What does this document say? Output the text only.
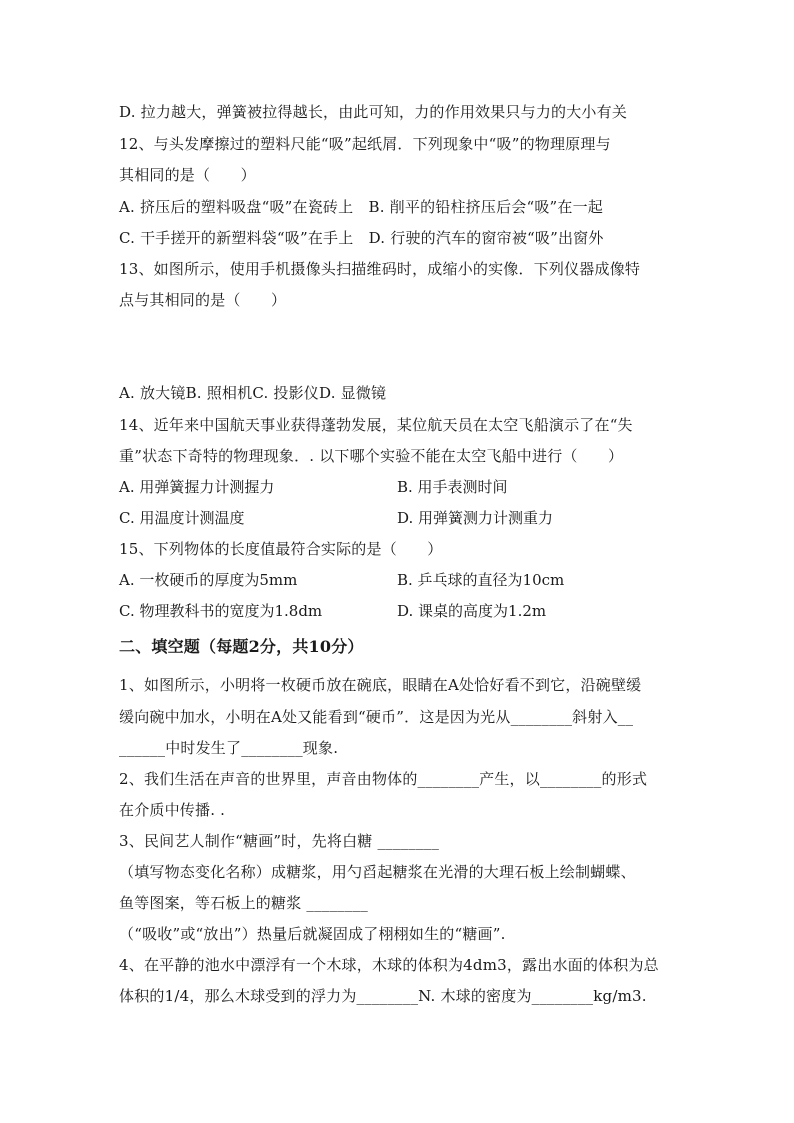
D. 拉力越大，弹簧被拉得越长，由此可知，力的作用效果只与力的大小有关
12、与头发摩擦过的塑料尺能“吸”起纸屑．下列现象中“吸”的物理原理与
其相同的是（　　）
A. 挤压后的塑料吸盘“吸”在瓷砖上　B. 削平的铅柱挤压后会“吸”在一起
C. 干手搓开的新塑料袋“吸”在手上　D. 行驶的汽车的窗帘被“吸”出窗外
13、如图所示，使用手机摄像头扫描维码时，成缩小的实像．下列仪器成像特
点与其相同的是（　　）
A. 放大镜B. 照相机C. 投影仪D. 显微镜
14、近年来中国航天事业获得蓬勃发展，某位航天员在太空飞船演示了在“失
重”状态下奇特的物理现象．. 以下哪个实验不能在太空飞船中进行（　　）
A. 用弹簧握力计测握力	B. 用手表测时间
C. 用温度计测温度	D. 用弹簧测力计测重力
15、下列物体的长度值最符合实际的是（　　）
A. 一枚硬币的厚度为5mm	B. 乒乓球的直径为10cm
C. 物理教科书的宽度为1.8dm	D. 课桌的高度为1.2m
二、填空题（每题2分，共10分）
1、如图所示，小明将一枚硬币放在碗底，眼睛在A处恰好看不到它，沿碗壁缓
缓向碗中加水，小明在A处又能看到“硬币”．这是因为光从________斜射入__
______中时发生了________现象.
2、我们生活在声音的世界里，声音由物体的________产生，以________的形式
在介质中传播. .
3、民间艺人制作“糖画”时，先将白糖 ________
（填写物态变化名称）成糖浆，用勺舀起糖浆在光滑的大理石板上绘制蝴蝶、
鱼等图案，等石板上的糖浆 ________
（“吸收”或“放出”）热量后就凝固成了栩栩如生的“糖画”.
4、在平静的池水中漂浮有一个木球，木球的体积为4dm3，露出水面的体积为总
体积的1/4，那么木球受到的浮力为________N. 木球的密度为________kg/m3.
